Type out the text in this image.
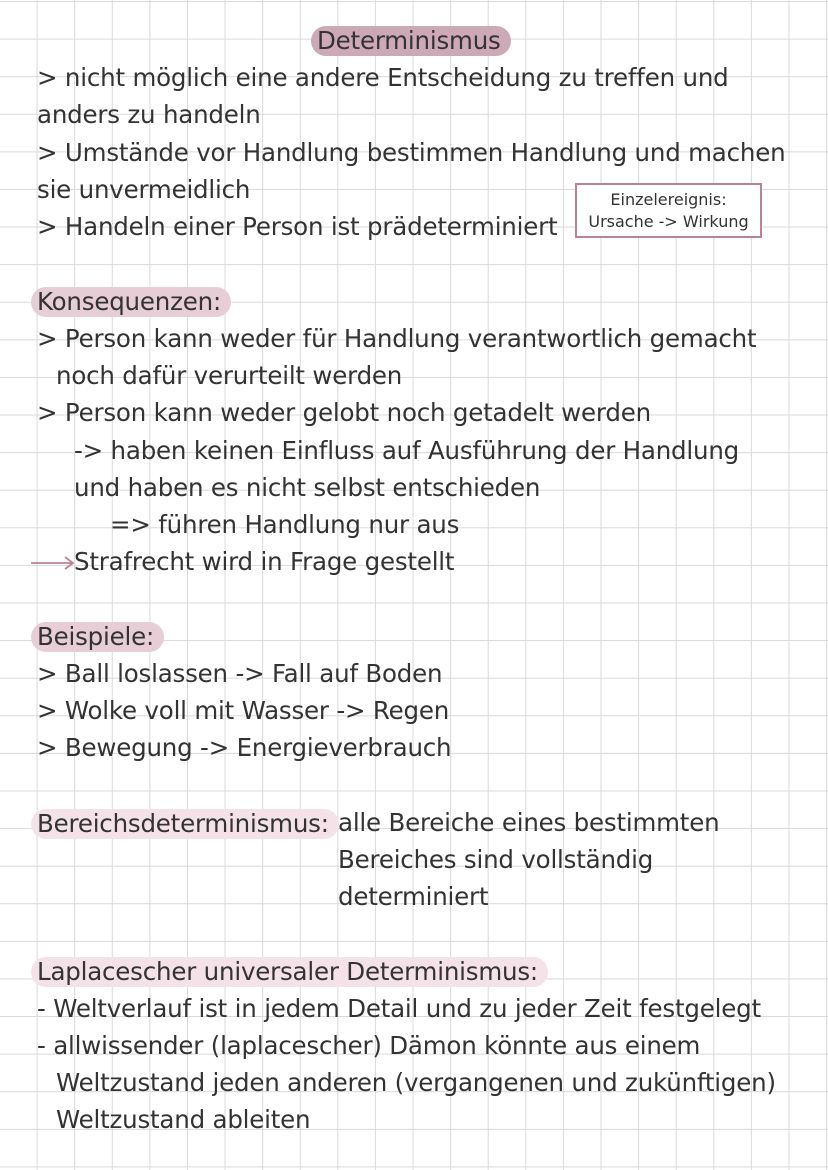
Determinismus
> nicht möglich eine andere Entscheidung zu treffen und
anders zu handeln
> Umstände vor Handlung bestimmen Handlung und machen
sie unvermeidlich
> Handeln einer Person ist prädeterminiert
Einzelereignis:
Ursache -> Wirkung
Konsequenzen:
> Person kann weder für Handlung verantwortlich gemacht
noch dafür verurteilt werden
> Person kann weder gelobt noch getadelt werden
-> haben keinen Einfluss auf Ausführung der Handlung
und haben es nicht selbst entschieden
=> führen Handlung nur aus
Strafrecht wird in Frage gestellt
Beispiele:
> Ball loslassen -> Fall auf Boden
> Wolke voll mit Wasser -> Regen
> Bewegung -> Energieverbrauch
Bereichsdeterminismus: alle Bereiche eines bestimmten
Bereiches sind vollständig
determiniert
Laplacescher universaler Determinismus:
- Weltverlauf ist in jedem Detail und zu jeder Zeit festgelegt
- allwissender (laplacescher) Dämon könnte aus einem
Weltzustand jeden anderen (vergangenen und zukünftigen)
Weltzustand ableiten
